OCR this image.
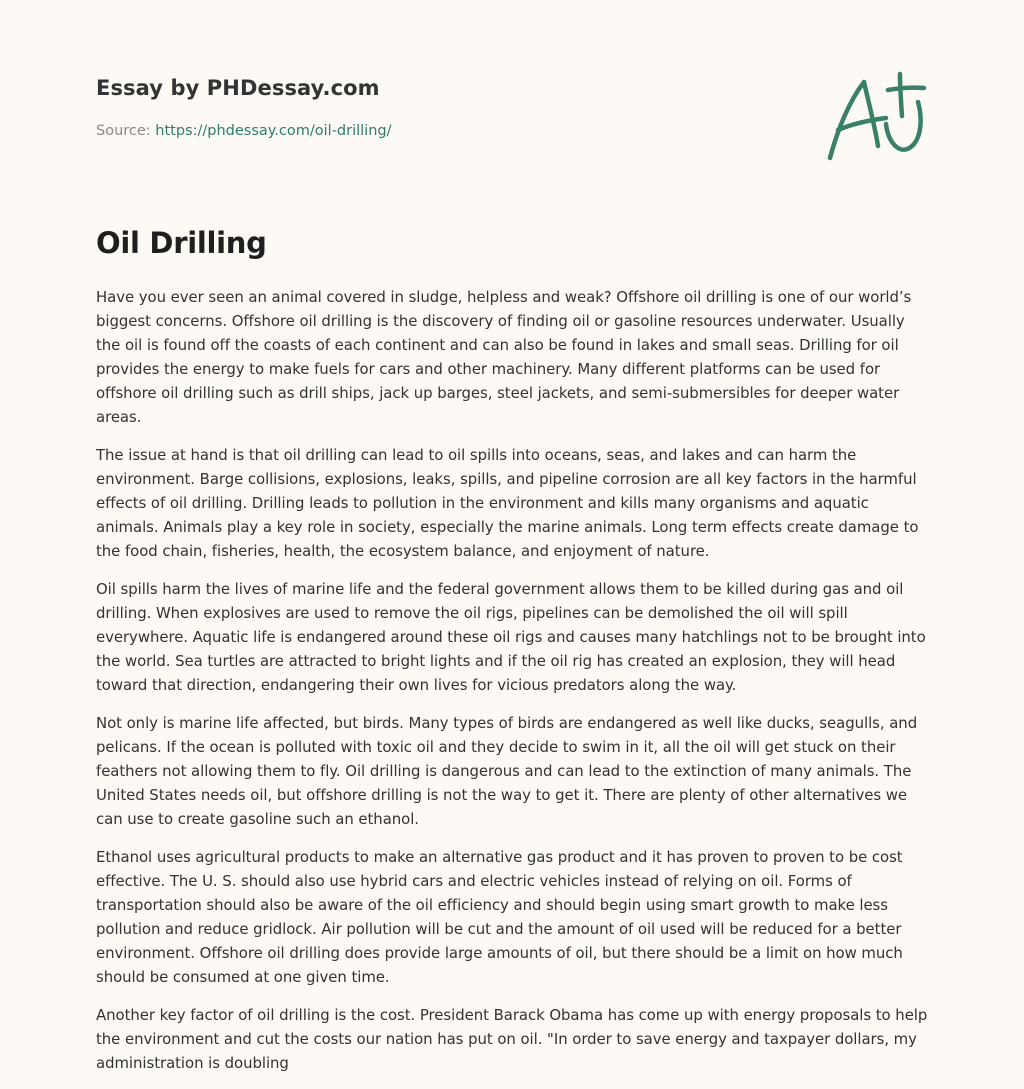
Essay by PHDessay.com

Source: https://phdessay.com/oil-drilling/

Oil Drilling

Have you ever seen an animal covered in sludge, helpless and weak? Offshore oil drilling is one of our world’s biggest concerns. Offshore oil drilling is the discovery of finding oil or gasoline resources underwater. Usually the oil is found off the coasts of each continent and can also be found in lakes and small seas. Drilling for oil provides the energy to make fuels for cars and other machinery. Many different platforms can be used for offshore oil drilling such as drill ships, jack up barges, steel jackets, and semi-submersibles for deeper water areas.

The issue at hand is that oil drilling can lead to oil spills into oceans, seas, and lakes and can harm the environment. Barge collisions, explosions, leaks, spills, and pipeline corrosion are all key factors in the harmful effects of oil drilling. Drilling leads to pollution in the environment and kills many organisms and aquatic animals. Animals play a key role in society, especially the marine animals. Long term effects create damage to the food chain, fisheries, health, the ecosystem balance, and enjoyment of nature.

Oil spills harm the lives of marine life and the federal government allows them to be killed during gas and oil drilling. When explosives are used to remove the oil rigs, pipelines can be demolished the oil will spill everywhere. Aquatic life is endangered around these oil rigs and causes many hatchlings not to be brought into the world. Sea turtles are attracted to bright lights and if the oil rig has created an explosion, they will head toward that direction, endangering their own lives for vicious predators along the way.

Not only is marine life affected, but birds. Many types of birds are endangered as well like ducks, seagulls, and pelicans. If the ocean is polluted with toxic oil and they decide to swim in it, all the oil will get stuck on their feathers not allowing them to fly. Oil drilling is dangerous and can lead to the extinction of many animals. The United States needs oil, but offshore drilling is not the way to get it. There are plenty of other alternatives we can use to create gasoline such an ethanol.

Ethanol uses agricultural products to make an alternative gas product and it has proven to proven to be cost effective. The U. S. should also use hybrid cars and electric vehicles instead of relying on oil. Forms of transportation should also be aware of the oil efficiency and should begin using smart growth to make less pollution and reduce gridlock. Air pollution will be cut and the amount of oil used will be reduced for a better environment. Offshore oil drilling does provide large amounts of oil, but there should be a limit on how much should be consumed at one given time.

Another key factor of oil drilling is the cost. President Barack Obama has come up with energy proposals to help the environment and cut the costs our nation has put on oil. "In order to save energy and taxpayer dollars, my administration is doubling
